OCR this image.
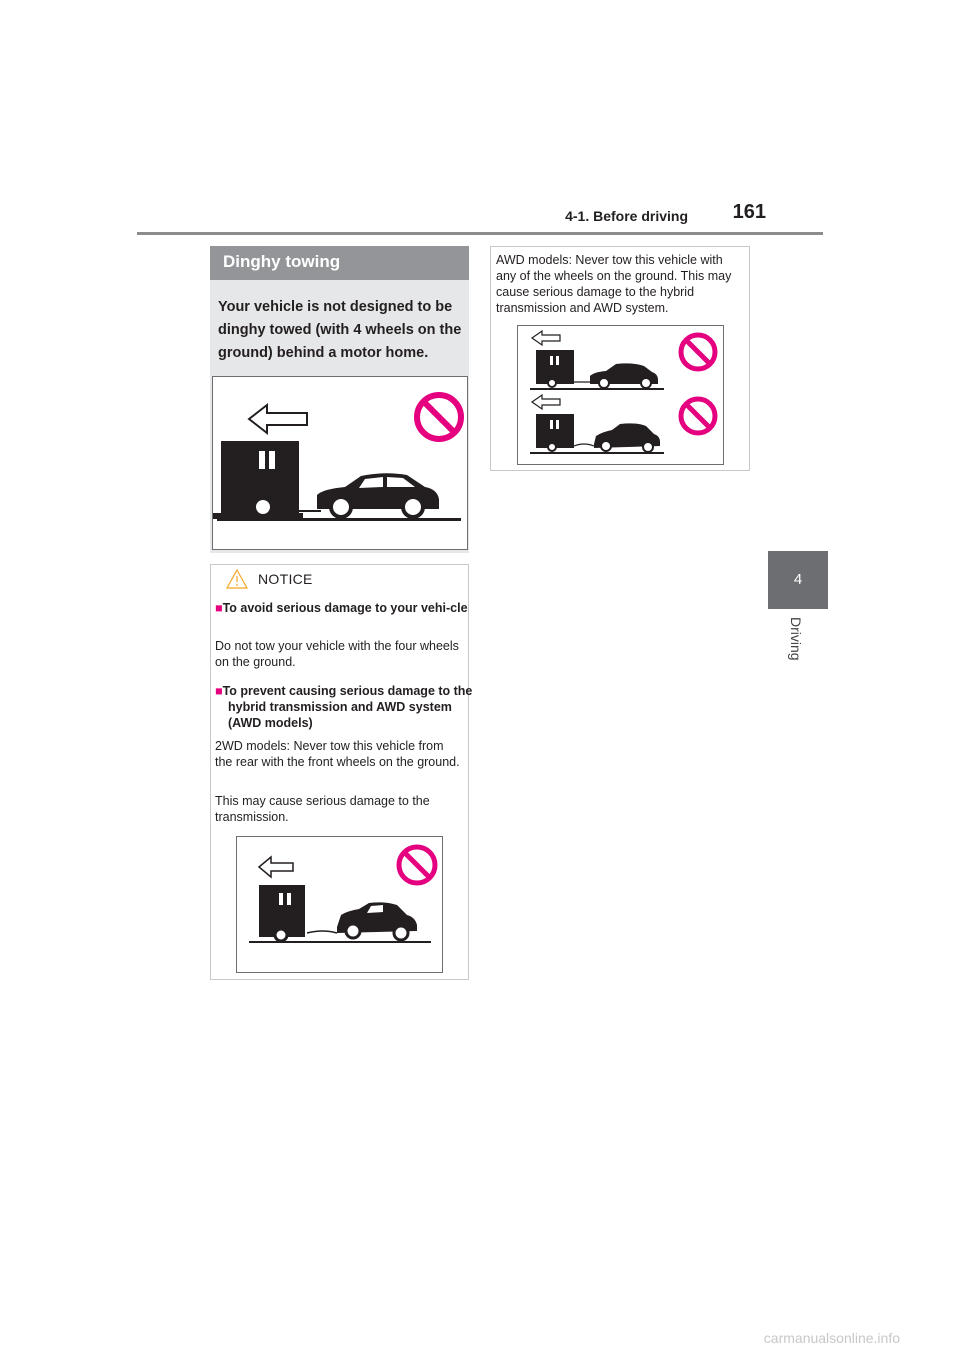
4-1. Before driving	161
4
Driving
Dinghy towing
Your vehicle is not designed to be dinghy towed (with 4 wheels on the ground) behind a motor home.
NOTICE
■To avoid serious damage to your vehi-cle
Do not tow your vehicle with the four wheels on the ground.
■To prevent causing serious damage to the hybrid transmission and AWD system (AWD models)
2WD models: Never tow this vehicle from the rear with the front wheels on the ground.
This may cause serious damage to the transmission.
AWD models: Never tow this vehicle with any of the wheels on the ground. This may cause serious damage to the hybrid transmission and AWD system.
carmanualsonline.info
